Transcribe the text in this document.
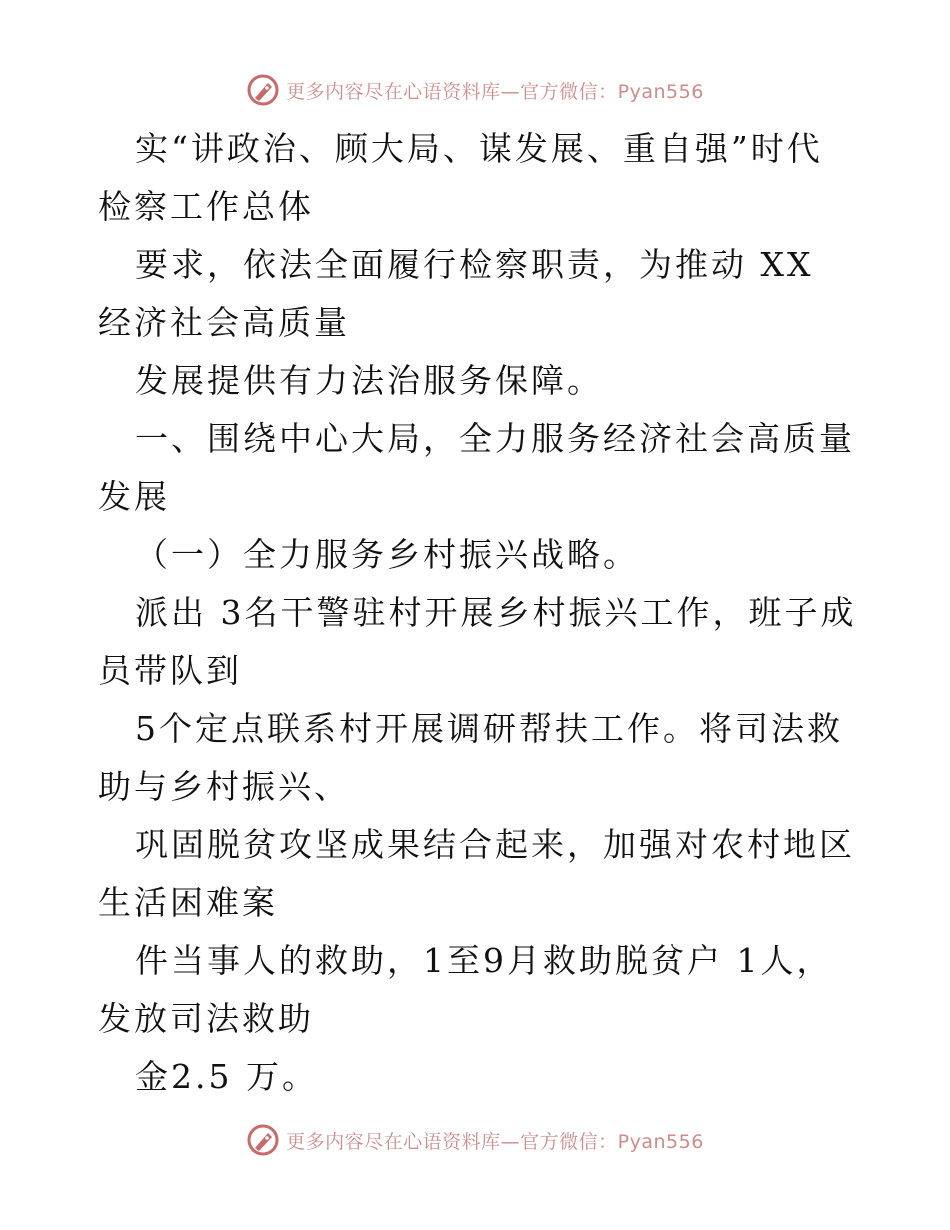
更多内容尽在心语资料库—官方微信：Pyan556

实“讲政治、顾大局、谋发展、重自强”时代检察工作总体

要求，依法全面履行检察职责，为推动 XX 经济社会高质量

发展提供有力法治服务保障。

一、围绕中心大局，全力服务经济社会高质量发展

（一）全力服务乡村振兴战略。

派出 3名干警驻村开展乡村振兴工作，班子成员带队到

5个定点联系村开展调研帮扶工作。将司法救助与乡村振兴、

巩固脱贫攻坚成果结合起来，加强对农村地区生活困难案

件当事人的救助，1至9月救助脱贫户 1人，发放司法救助

金2.5 万。

更多内容尽在心语资料库—官方微信：Pyan556
